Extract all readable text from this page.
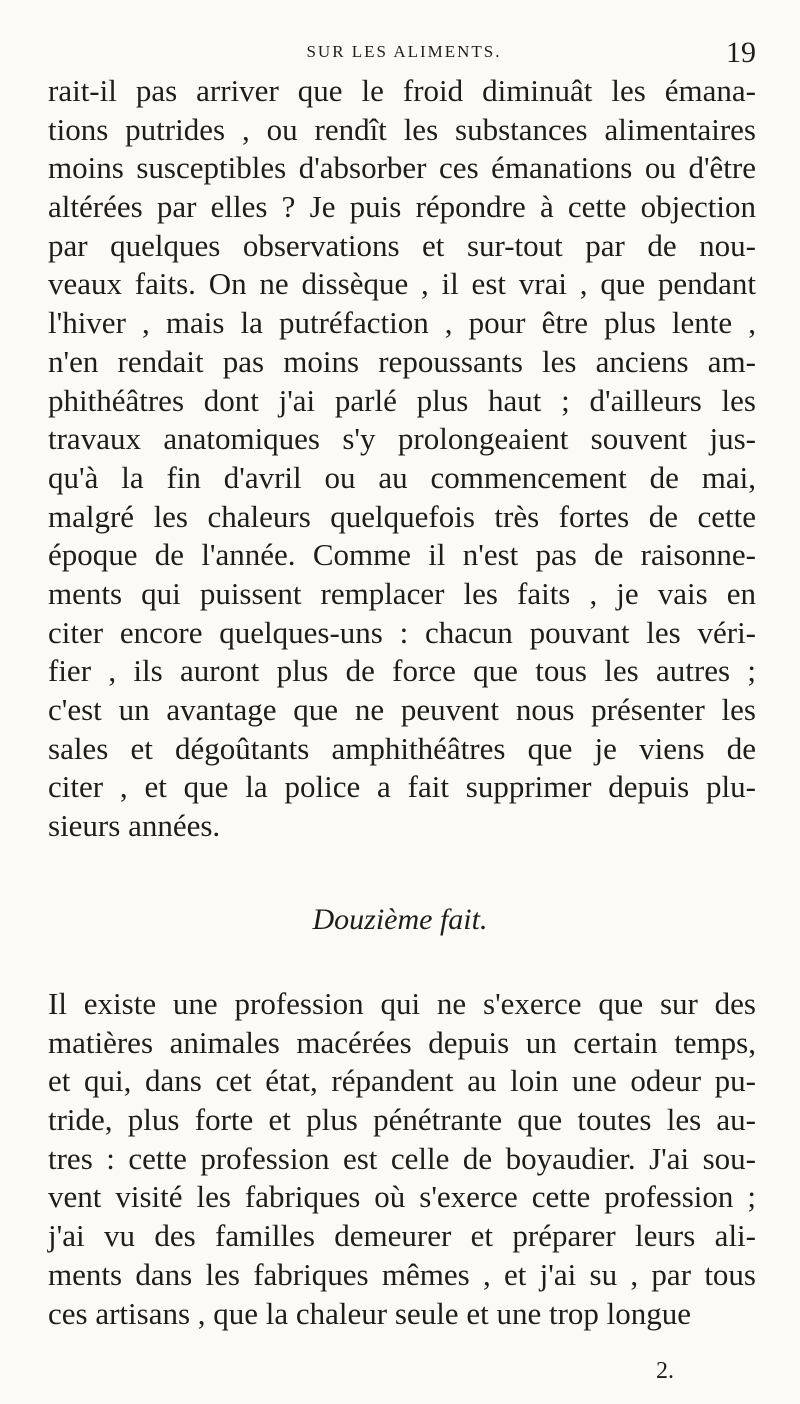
SUR LES ALIMENTS.	19
rait-il pas arriver que le froid diminuât les émana-
tions putrides , ou rendît les substances alimentaires
moins susceptibles d'absorber ces émanations ou d'être
altérées par elles ? Je puis répondre à cette objection
par quelques observations et sur-tout par de nou-
veaux faits. On ne dissèque , il est vrai , que pendant
l'hiver , mais la putréfaction , pour être plus lente ,
n'en rendait pas moins repoussants les anciens am-
phithéâtres dont j'ai parlé plus haut ; d'ailleurs les
travaux anatomiques s'y prolongeaient souvent jus-
qu'à la fin d'avril ou au commencement de mai,
malgré les chaleurs quelquefois très fortes de cette
époque de l'année. Comme il n'est pas de raisonne-
ments qui puissent remplacer les faits , je vais en
citer encore quelques-uns : chacun pouvant les véri-
fier , ils auront plus de force que tous les autres ;
c'est un avantage que ne peuvent nous présenter les
sales et dégoûtants amphithéâtres que je viens de
citer , et que la police a fait supprimer depuis plu-
sieurs années.
Douzième fait.
Il existe une profession qui ne s'exerce que sur des
matières animales macérées depuis un certain temps,
et qui, dans cet état, répandent au loin une odeur pu-
tride, plus forte et plus pénétrante que toutes les au-
tres : cette profession est celle de boyaudier. J'ai sou-
vent visité les fabriques où s'exerce cette profession ;
j'ai vu des familles demeurer et préparer leurs ali-
ments dans les fabriques mêmes , et j'ai su , par tous
ces artisans , que la chaleur seule et une trop longue
2.
